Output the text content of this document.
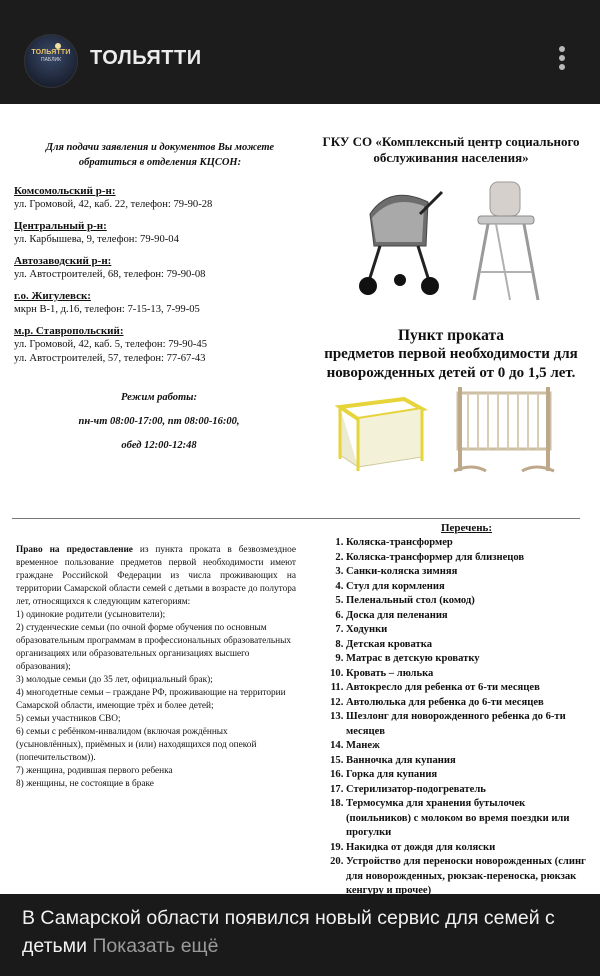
ТОЛЬЯТТИ
ПАБЛИК	ТОЛЬЯТТИ
Для подачи заявления и документов Вы можете обратиться в отделения КЦСОН:
Комсомольский р-н:
ул. Громовой, 42, каб. 22, телефон: 79-90-28
Центральный р-н:
ул. Карбышева, 9, телефон: 79-90-04
Автозаводский р-н:
ул. Автостроителей, 68, телефон: 79-90-08
г.о. Жигулевск:
мкрн В-1, д.16, телефон: 7-15-13, 7-99-05
м.р. Ставропольский:
ул. Громовой, 42, каб. 5, телефон: 79-90-45
ул. Автостроителей, 57, телефон: 77-67-43
Режим работы:
пн-чт 08:00-17:00, пт 08:00-16:00,
обед 12:00-12:48
ГКУ СО «Комплексный центр социального обслуживания населения»
Пункт проката
предметов первой необходимости для новорожденных детей от 0 до 1,5 лет.
Право на предоставление из пункта проката в безвозмездное временное пользование предметов первой необходимости имеют граждане Российской Федерации из числа проживающих на территории Самарской области семей с детьми в возрасте до полутора лет, относящихся к следующим категориям:
1) одинокие родители (усыновители);
2) студенческие семьи (по очной форме обучения по основным образовательным программам в профессиональных образовательных организациях или образовательных организациях высшего образования);
3) молодые семьи (до 35 лет, официальный брак);
4) многодетные семьи – граждане РФ, проживающие на территории Самарской области, имеющие трёх и более детей;
5) семьи участников СВО;
6) семьи с ребёнком-инвалидом (включая рождённых (усыновлённых), приёмных и (или) находящихся под опекой (попечительством)).
7) женщина, родившая первого ребенка
8) женщины, не состоящие в браке
Перечень:
1. Коляска-трансформер
2. Коляска-трансформер для близнецов
3. Санки-коляска зимняя
4. Стул для кормления
5. Пеленальный стол (комод)
6. Доска для пеленания
7. Ходунки
8. Детская кроватка
9. Матрас в детскую кроватку
10. Кровать – люлька
11. Автокресло для ребенка от 6-ти месяцев
12. Автолюлька для ребенка до 6-ти месяцев
13. Шезлонг для новорожденного ребенка до 6-ти месяцев
14. Манеж
15. Ванночка для купания
16. Горка для купания
17. Стерилизатор-подогреватель
18. Термосумка для хранения бутылочек (поильников) с молоком во время поездки или прогулки
19. Накидка от дождя для коляски
20. Устройство для переноски новорожденных (слинг для новорожденных, рюкзак-переноска, рюкзак кенгуру и прочее)
В Самарской области появился новый сервис для семей с детьми Показать ещё
